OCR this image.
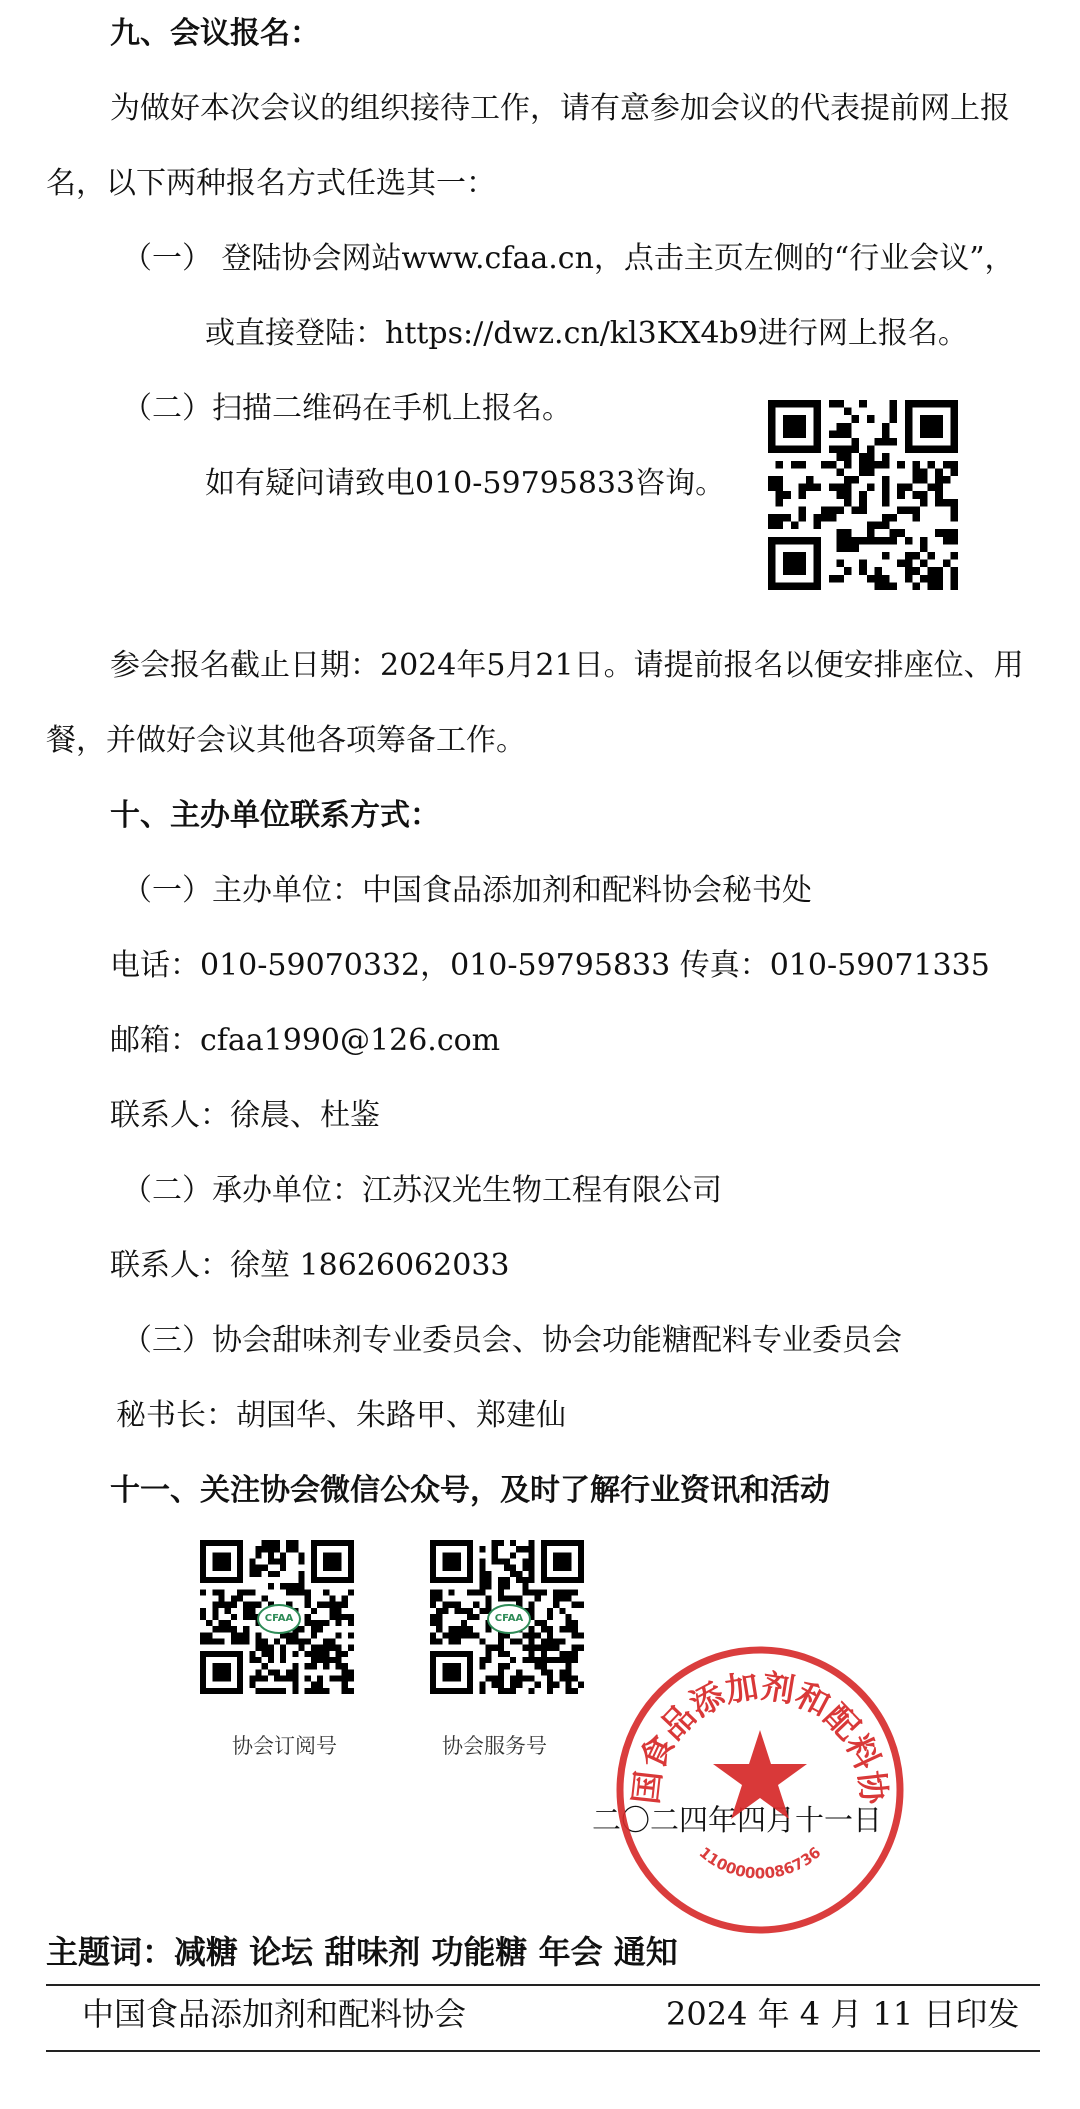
九、会议报名：
为做好本次会议的组织接待工作，请有意参加会议的代表提前网上报
名，以下两种报名方式任选其一：
（一） 登陆协会网站www.cfaa.cn，点击主页左侧的“行业会议”，
或直接登陆：https://dwz.cn/kl3KX4b9进行网上报名。
（二）扫描二维码在手机上报名。
如有疑问请致电010-59795833咨询。
参会报名截止日期：2024年5月21日。请提前报名以便安排座位、用
餐，并做好会议其他各项筹备工作。
十、主办单位联系方式：
（一）主办单位：中国食品添加剂和配料协会秘书处
电话：010-59070332，010-59795833 传真：010-59071335
邮箱：cfaa1990@126.com
联系人：徐晨、杜鉴
（二）承办单位：江苏汉光生物工程有限公司
联系人：徐堃 18626062033
（三）协会甜味剂专业委员会、协会功能糖配料专业委员会
秘书长：胡国华、朱路甲、郑建仙
十一、关注协会微信公众号，及时了解行业资讯和活动
CFAA	CFAA
协会订阅号	协会服务号
二〇二四年四月十一日
国食品添加剂和配料协
1100000086736
主题词：减糖 论坛 甜味剂 功能糖 年会 通知
中国食品添加剂和配料协会	2024 年 4 月 11 日印发
